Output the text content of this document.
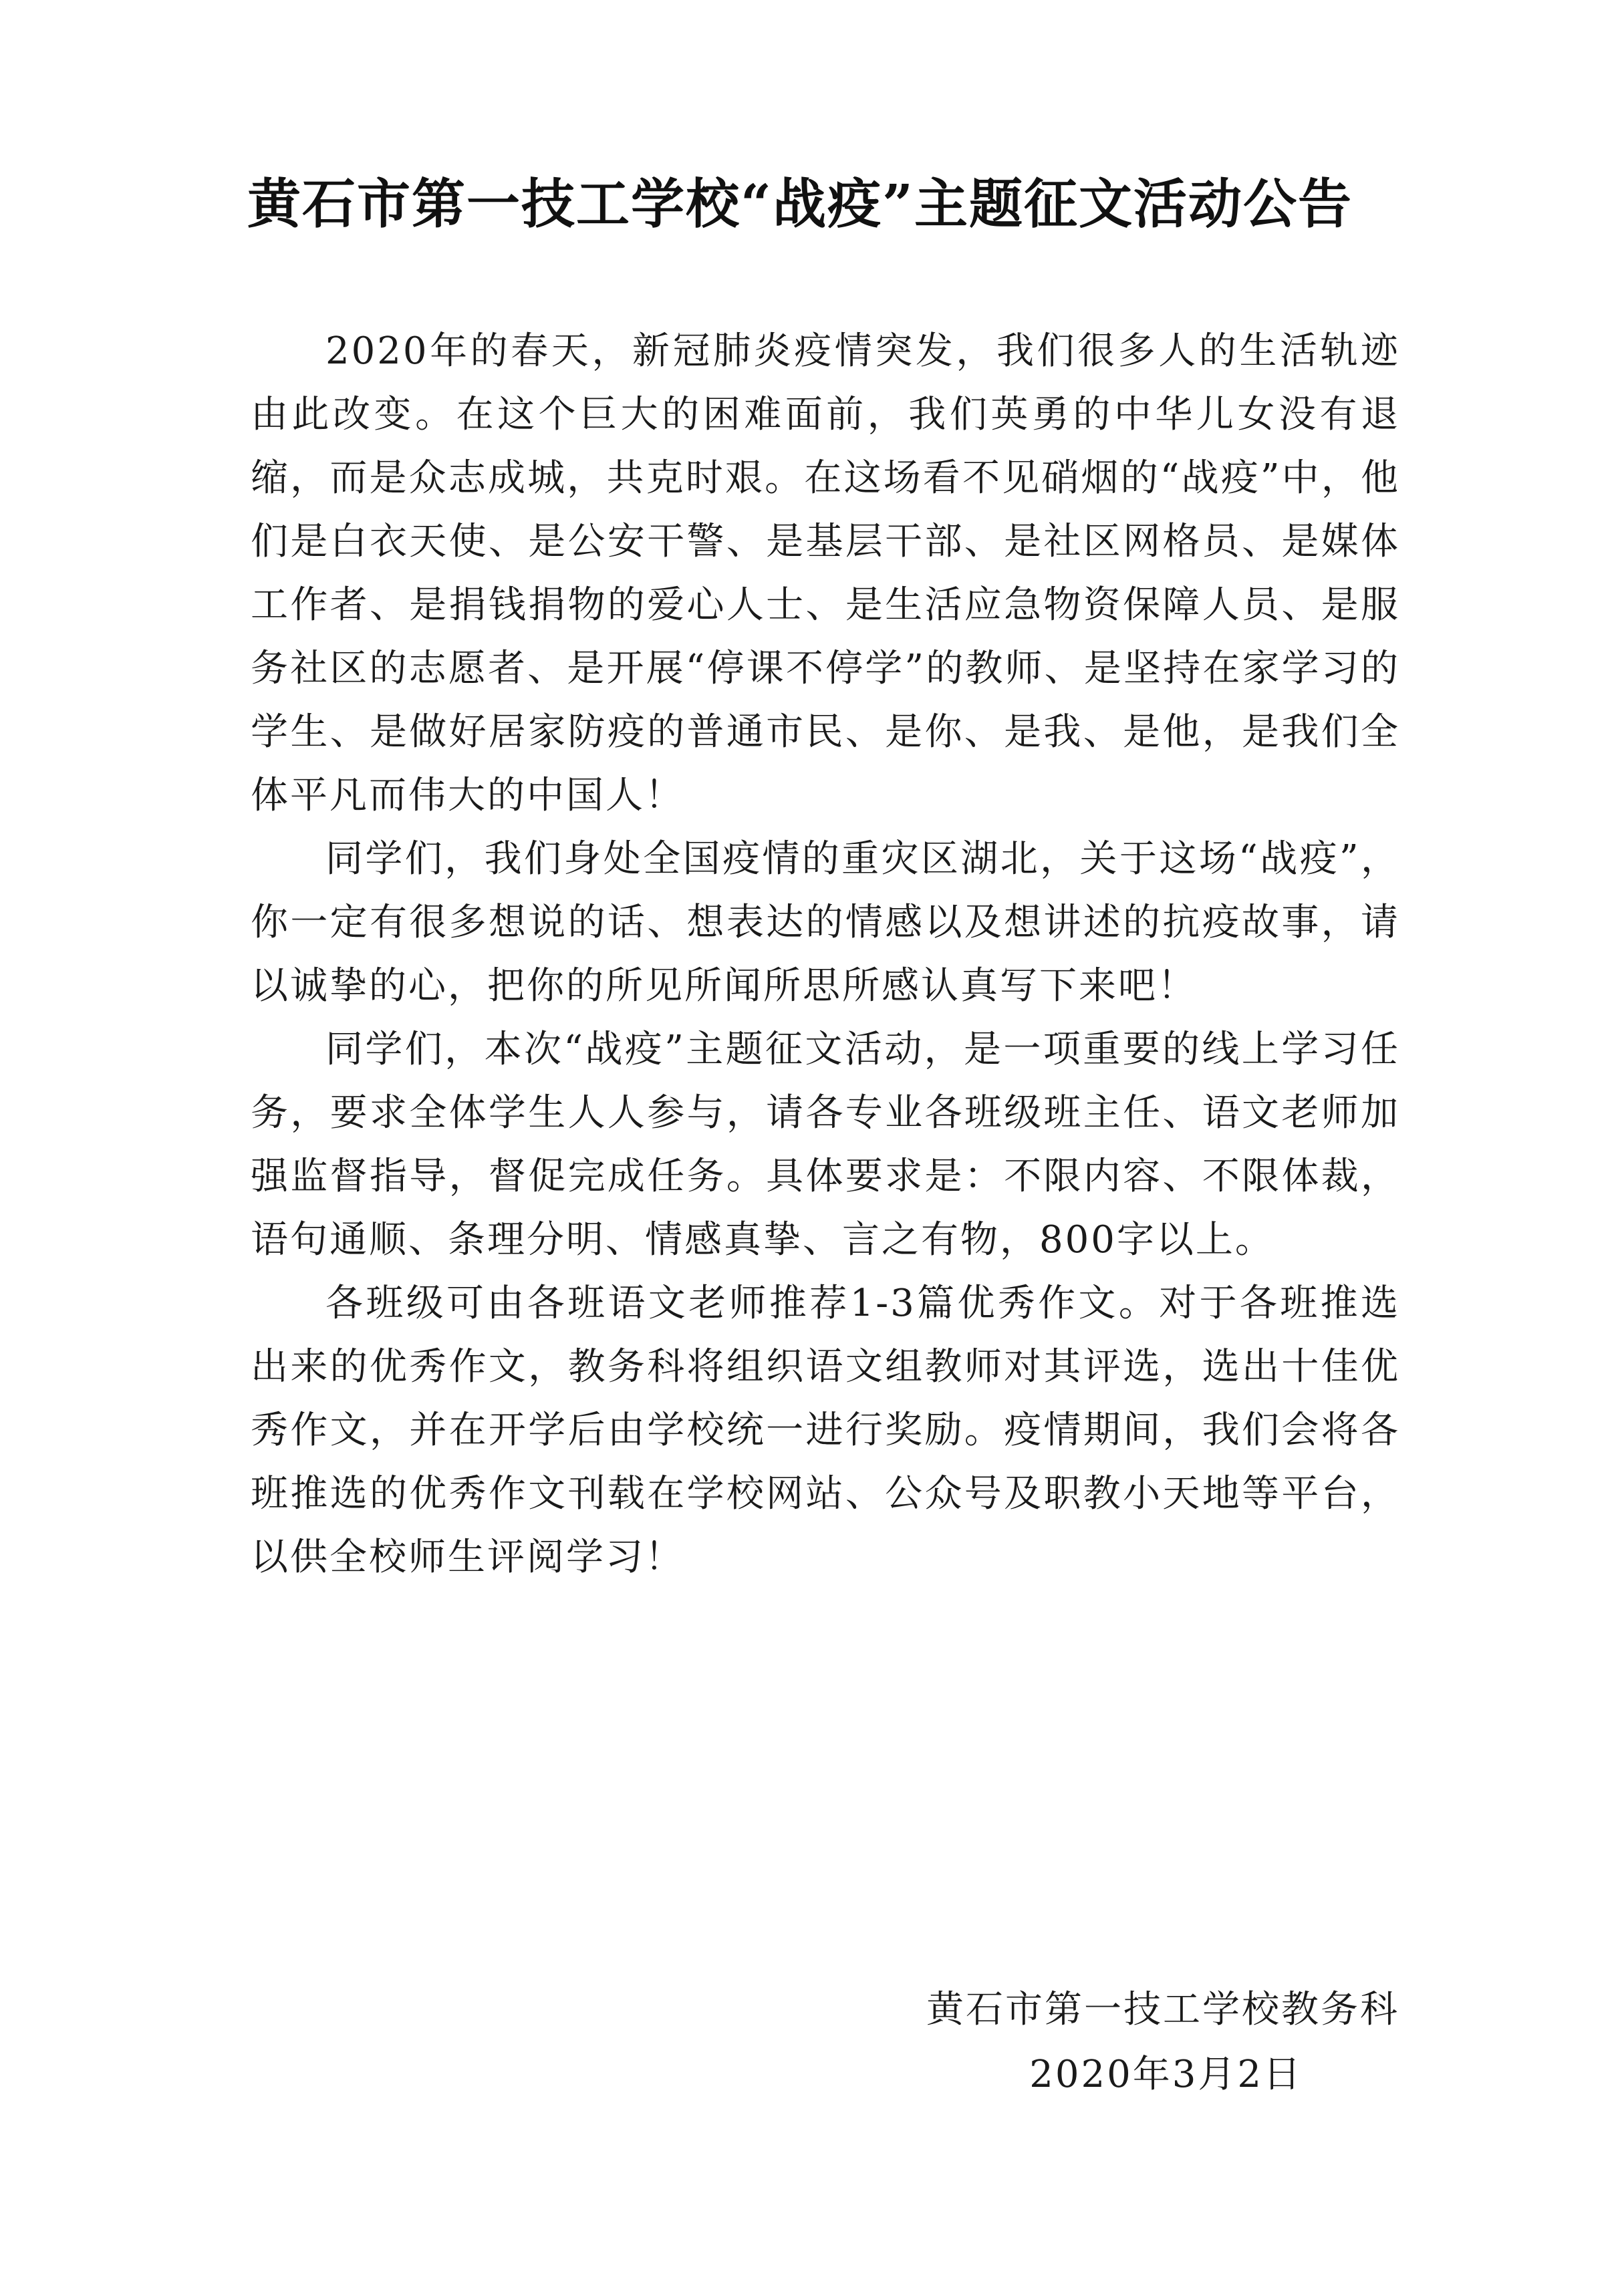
黄石市第一技工学校“战疫”主题征文活动公告

2020年的春天，新冠肺炎疫情突发，我们很多人的生活轨迹由此改变。在这个巨大的困难面前，我们英勇的中华儿女没有退缩，而是众志成城，共克时艰。在这场看不见硝烟的“战疫”中，他们是白衣天使、是公安干警、是基层干部、是社区网格员、是媒体工作者、是捐钱捐物的爱心人士、是生活应急物资保障人员、是服务社区的志愿者、是开展“停课不停学”的教师、是坚持在家学习的学生、是做好居家防疫的普通市民、是你、是我、是他，是我们全体平凡而伟大的中国人！

同学们，我们身处全国疫情的重灾区湖北，关于这场“战疫”，你一定有很多想说的话、想表达的情感以及想讲述的抗疫故事，请以诚挚的心，把你的所见所闻所思所感认真写下来吧！

同学们，本次“战疫”主题征文活动，是一项重要的线上学习任务，要求全体学生人人参与，请各专业各班级班主任、语文老师加强监督指导，督促完成任务。具体要求是：不限内容、不限体裁，语句通顺、条理分明、情感真挚、言之有物，800字以上。

各班级可由各班语文老师推荐1-3篇优秀作文。对于各班推选出来的优秀作文，教务科将组织语文组教师对其评选，选出十佳优秀作文，并在开学后由学校统一进行奖励。疫情期间，我们会将各班推选的优秀作文刊载在学校网站、公众号及职教小天地等平台，以供全校师生评阅学习！

黄石市第一技工学校教务科
2020年3月2日
